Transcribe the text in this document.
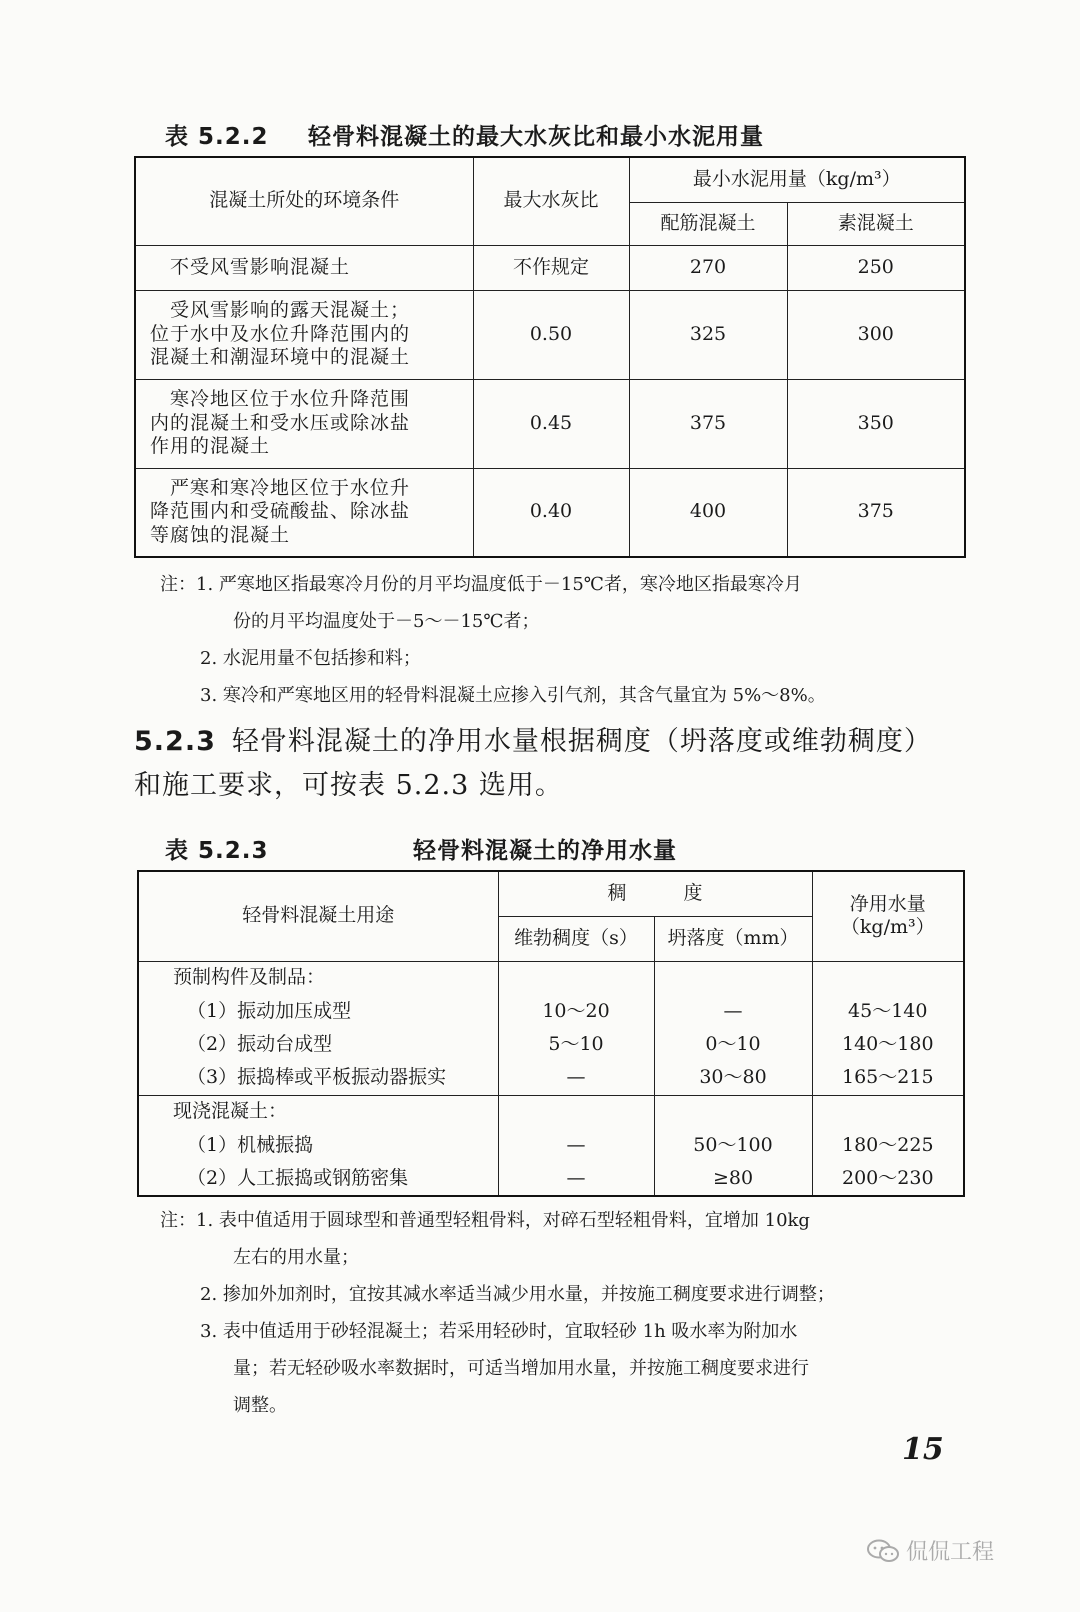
表 5.2.2 轻骨料混凝土的最大水灰比和最小水泥用量
混凝土所处的环境条件	最大水灰比	最小水泥用量（kg/m³）	
		配筋混凝土	素混凝土
不受风雪影响混凝土	不作规定	270	250

受风雪影响的露天混凝土；
位于水中及水位升降范围内的
混凝土和潮湿环境中的混凝土	0.50	325	300

寒冷地区位于水位升降范围
内的混凝土和受水压或除冰盐
作用的混凝土	0.45	375	350

严寒和寒冷地区位于水位升
降范围内和受硫酸盐、除冰盐
等腐蚀的混凝土	0.40	400	375
注：1. 严寒地区指最寒冷月份的月平均温度低于－15℃者，寒冷地区指最寒冷月
份的月平均温度处于－5～－15℃者；
2. 水泥用量不包括掺和料；
3. 寒冷和严寒地区用的轻骨料混凝土应掺入引气剂，其含气量宜为 5%～8%。
5.2.3 轻骨料混凝土的净用水量根据稠度（坍落度或维勃稠度）
和施工要求，可按表 5.2.3 选用。
表 5.2.3	轻骨料混凝土的净用水量
轻骨料混凝土用途	稠　　　度		净用水量
（kg/m³）

	维勃稠度（s）	坍落度（mm）	
预制构件及制品：			
（1）振动加压成型	10～20	—	45～140
（2）振动台成型	5～10	0～10	140～180
（3）振捣棒或平板振动器振实	—	30～80	165～215
现浇混凝土：			
（1）机械振捣	—	50～100	180～225
（2）人工振捣或钢筋密集	—	≥80	200～230
注：1. 表中值适用于圆球型和普通型轻粗骨料，对碎石型轻粗骨料，宜增加 10kg
左右的用水量；
2. 掺加外加剂时，宜按其减水率适当减少用水量，并按施工稠度要求进行调整；
3. 表中值适用于砂轻混凝土；若采用轻砂时，宜取轻砂 1h 吸水率为附加水
量；若无轻砂吸水率数据时，可适当增加用水量，并按施工稠度要求进行
调整。
15
侃侃工程
